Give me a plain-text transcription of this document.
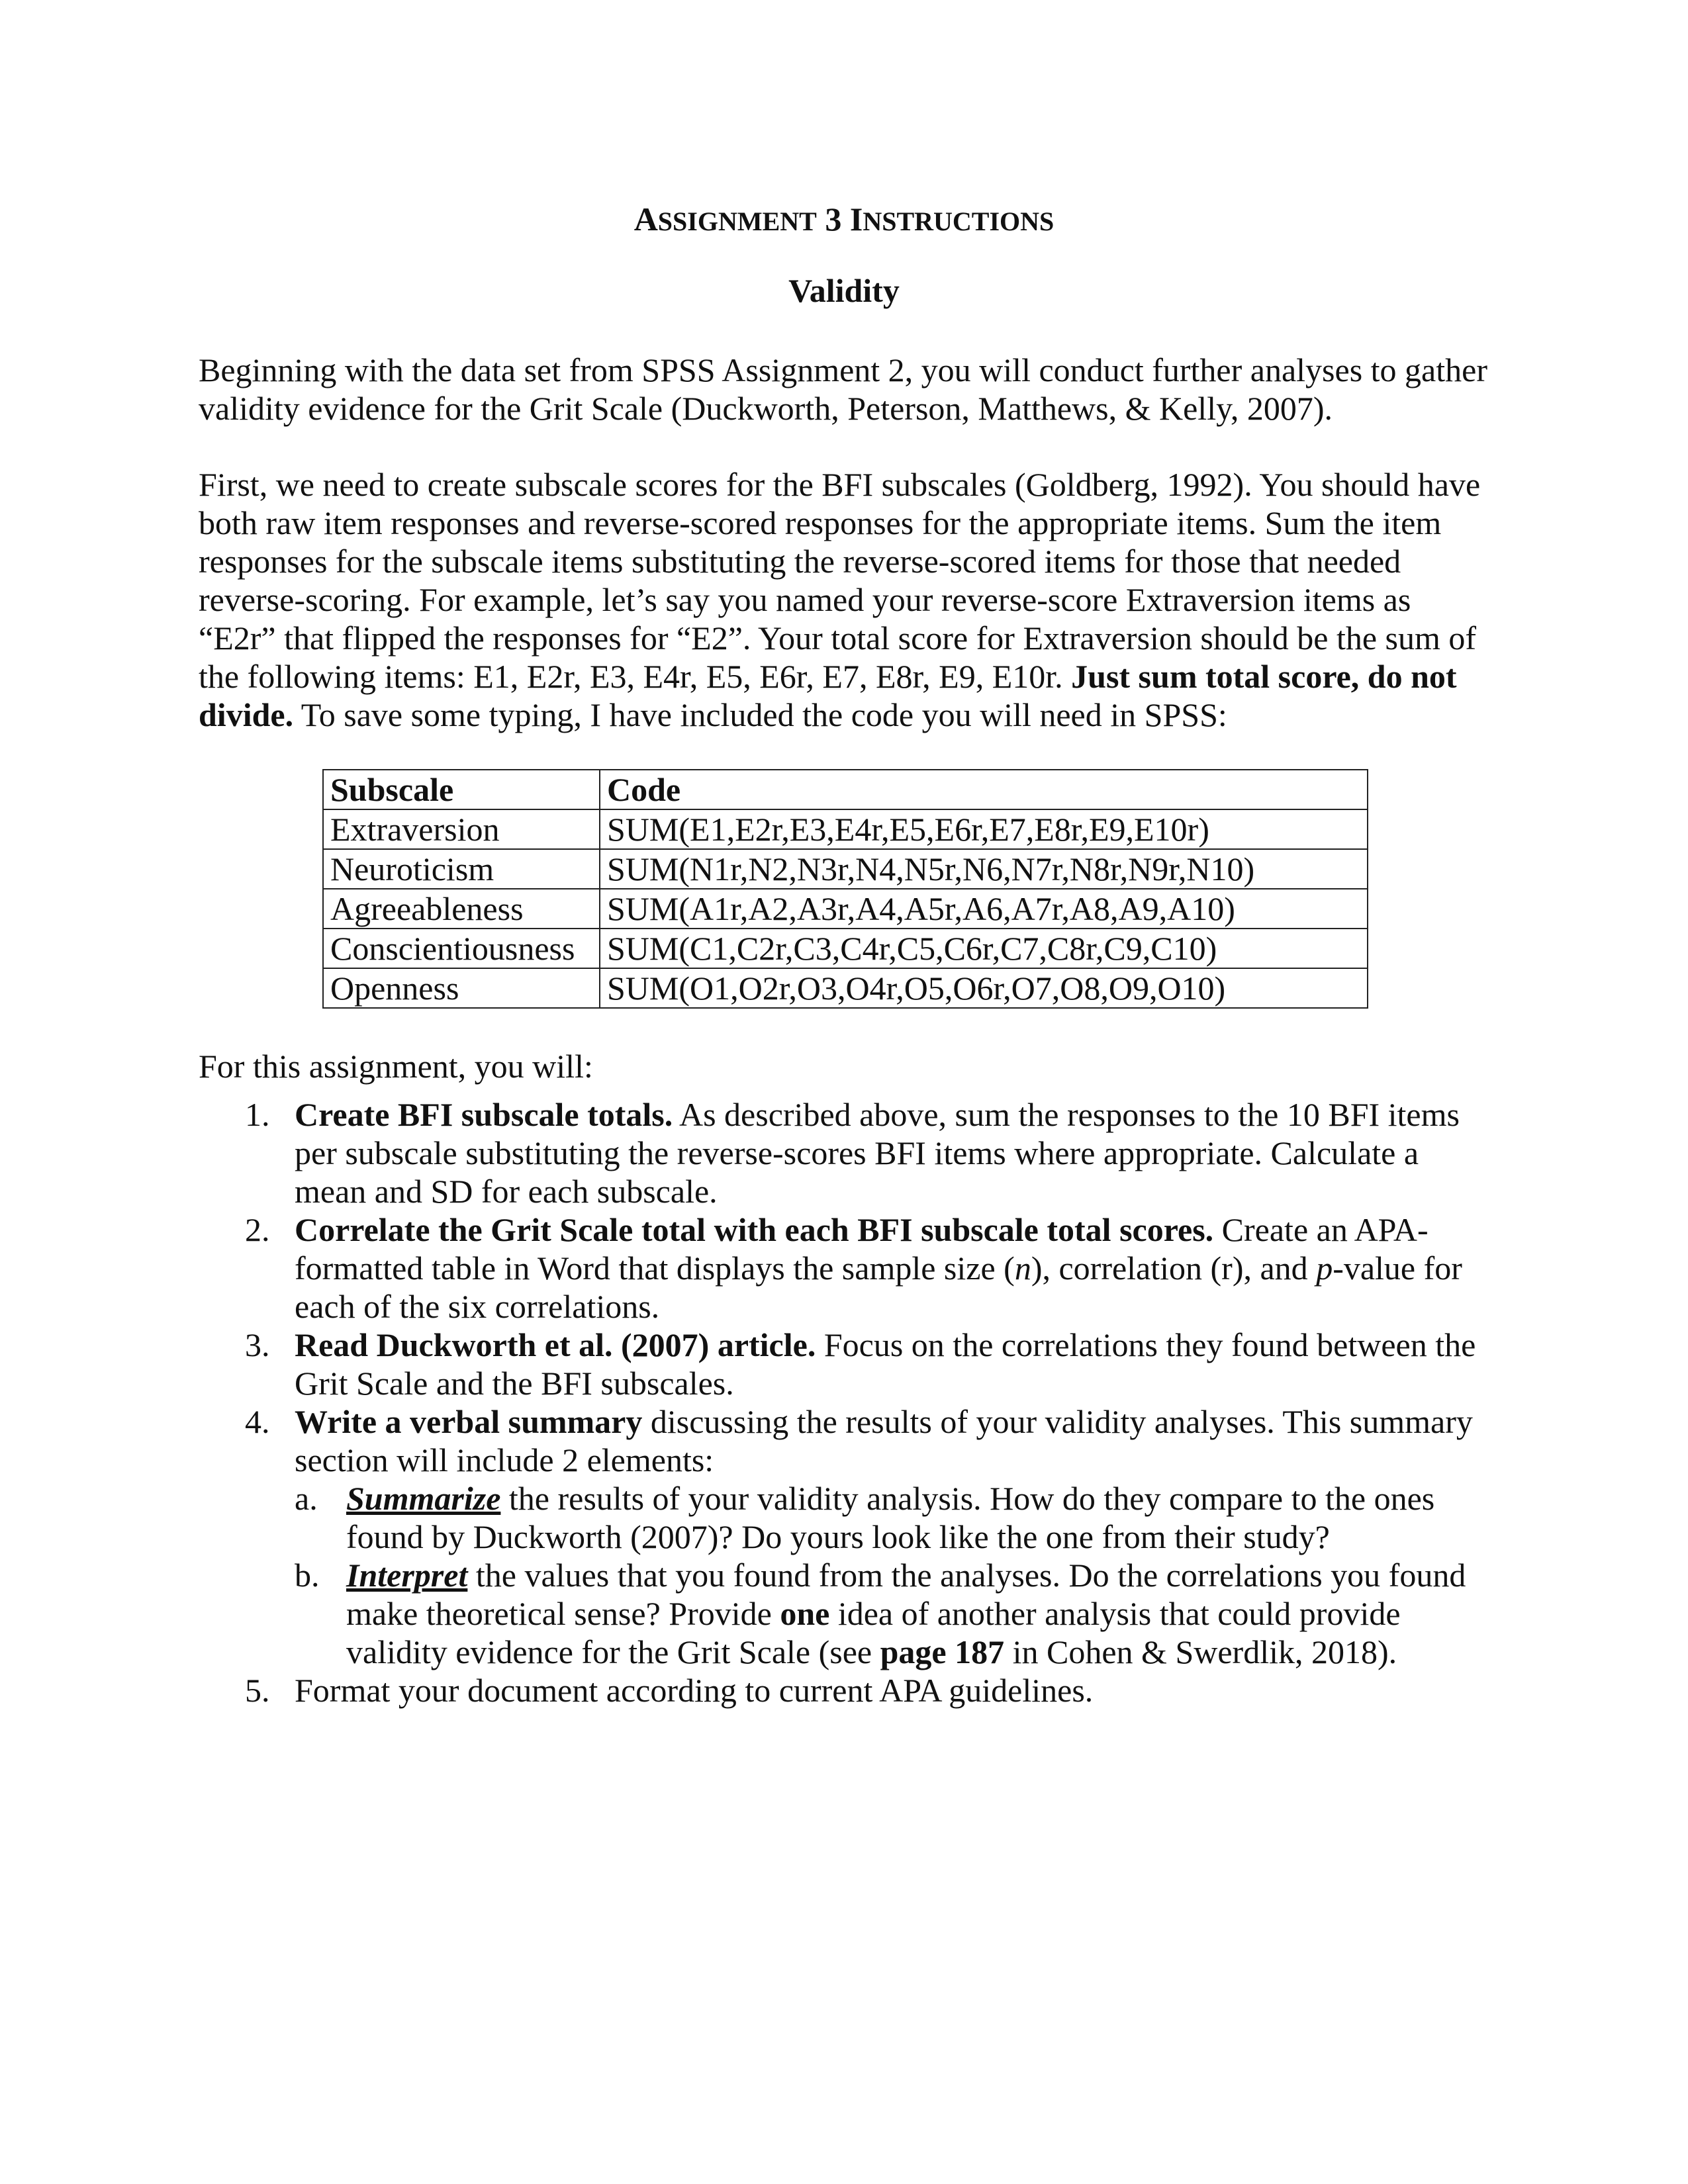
ASSIGNMENT 3 INSTRUCTIONS
Validity
Beginning with the data set from SPSS Assignment 2, you will conduct further analyses to gather validity evidence for the Grit Scale (Duckworth, Peterson, Matthews, & Kelly, 2007).
First, we need to create subscale scores for the BFI subscales (Goldberg, 1992). You should have both raw item responses and reverse-scored responses for the appropriate items. Sum the item responses for the subscale items substituting the reverse-scored items for those that needed reverse-scoring. For example, let’s say you named your reverse-score Extraversion items as “E2r” that flipped the responses for “E2”. Your total score for Extraversion should be the sum of the following items: E1, E2r, E3, E4r, E5, E6r, E7, E8r, E9, E10r. Just sum total score, do not divide. To save some typing, I have included the code you will need in SPSS:
Subscale	Code
Extraversion	SUM(E1,E2r,E3,E4r,E5,E6r,E7,E8r,E9,E10r)
Neuroticism	SUM(N1r,N2,N3r,N4,N5r,N6,N7r,N8r,N9r,N10)
Agreeableness	SUM(A1r,A2,A3r,A4,A5r,A6,A7r,A8,A9,A10)
Conscientiousness	SUM(C1,C2r,C3,C4r,C5,C6r,C7,C8r,C9,C10)
Openness	SUM(O1,O2r,O3,O4r,O5,O6r,O7,O8,O9,O10)
For this assignment, you will:
1. Create BFI subscale totals. As described above, sum the responses to the 10 BFI items per subscale substituting the reverse-scores BFI items where appropriate. Calculate a mean and SD for each subscale.
2. Correlate the Grit Scale total with each BFI subscale total scores. Create an APA-formatted table in Word that displays the sample size (n), correlation (r), and p-value for each of the six correlations.
3. Read Duckworth et al. (2007) article. Focus on the correlations they found between the Grit Scale and the BFI subscales.
4. Write a verbal summary discussing the results of your validity analyses. This summary section will include 2 elements:
a. Summarize the results of your validity analysis. How do they compare to the ones found by Duckworth (2007)? Do yours look like the one from their study?
b. Interpret the values that you found from the analyses. Do the correlations you found make theoretical sense? Provide one idea of another analysis that could provide validity evidence for the Grit Scale (see page 187 in Cohen & Swerdlik, 2018).
5. Format your document according to current APA guidelines.
